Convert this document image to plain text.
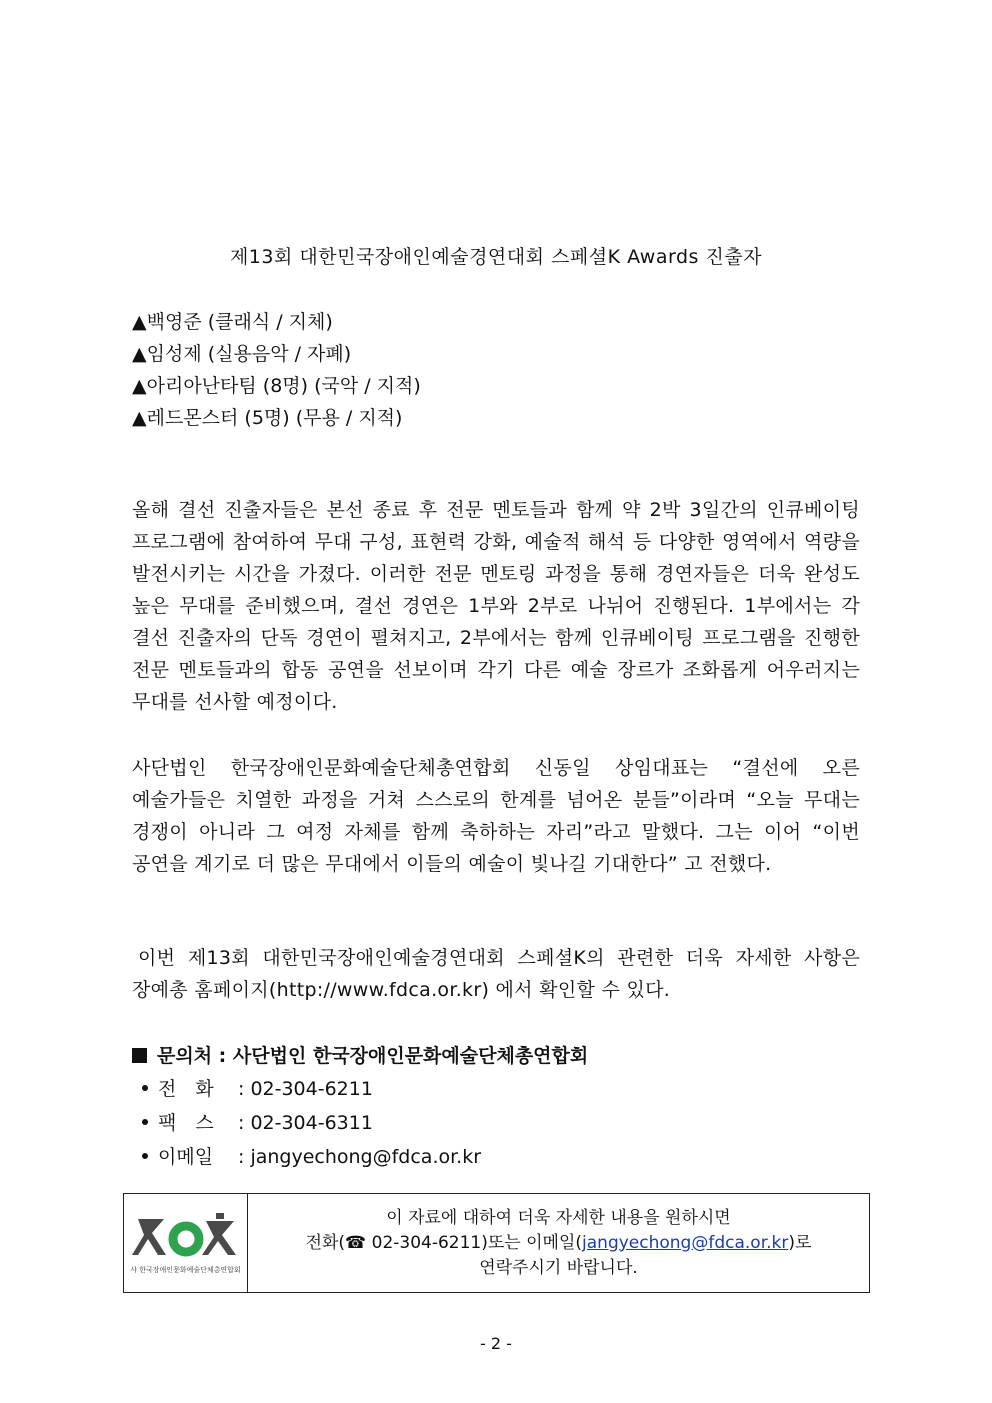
제13회 대한민국장애인예술경연대회 스페셜K Awards 진출자
▲백영준 (클래식 / 지체)
▲임성제 (실용음악 / 자폐)
▲아리아난타팀 (8명) (국악 / 지적)
▲레드몬스터 (5명) (무용 / 지적)
올해 결선 진출자들은 본선 종료 후 전문 멘토들과 함께 약 2박 3일간의 인큐베이팅 프로그램에 참여하여 무대 구성, 표현력 강화, 예술적 해석 등 다양한 영역에서 역량을 발전시키는 시간을 가졌다. 이러한 전문 멘토링 과정을 통해 경연자들은 더욱 완성도 높은 무대를 준비했으며, 결선 경연은 1부와 2부로 나뉘어 진행된다. 1부에서는 각 결선 진출자의 단독 경연이 펼쳐지고, 2부에서는 함께 인큐베이팅 프로그램을 진행한 전문 멘토들과의 합동 공연을 선보이며 각기 다른 예술 장르가 조화롭게 어우러지는 무대를 선사할 예정이다.
사단법인 한국장애인문화예술단체총연합회 신동일 상임대표는 “결선에 오른 예술가들은 치열한 과정을 거쳐 스스로의 한계를 넘어온 분들”이라며 “오늘 무대는 경쟁이 아니라 그 여정 자체를 함께 축하하는 자리”라고 말했다. 그는 이어 “이번 공연을 계기로 더 많은 무대에서 이들의 예술이 빛나길 기대한다” 고 전했다.
이번 제13회 대한민국장애인예술경연대회 스페셜K의 관련한 더욱 자세한 사항은 장예총 홈페이지(http://www.fdca.or.kr) 에서 확인할 수 있다.
문의처 : 사단법인 한국장애인문화예술단체총연합회
전　화 : 02-304-6211
팩　스 : 02-304-6311
이메일 : jangyechong@fdca.or.kr
사 한국장애인문화예술단체총연합회
이 자료에 대하여 더욱 자세한 내용을 원하시면
전화(☎ 02-304-6211)또는 이메일(jangyechong@fdca.or.kr)로
연락주시기 바랍니다.
- 2 -
